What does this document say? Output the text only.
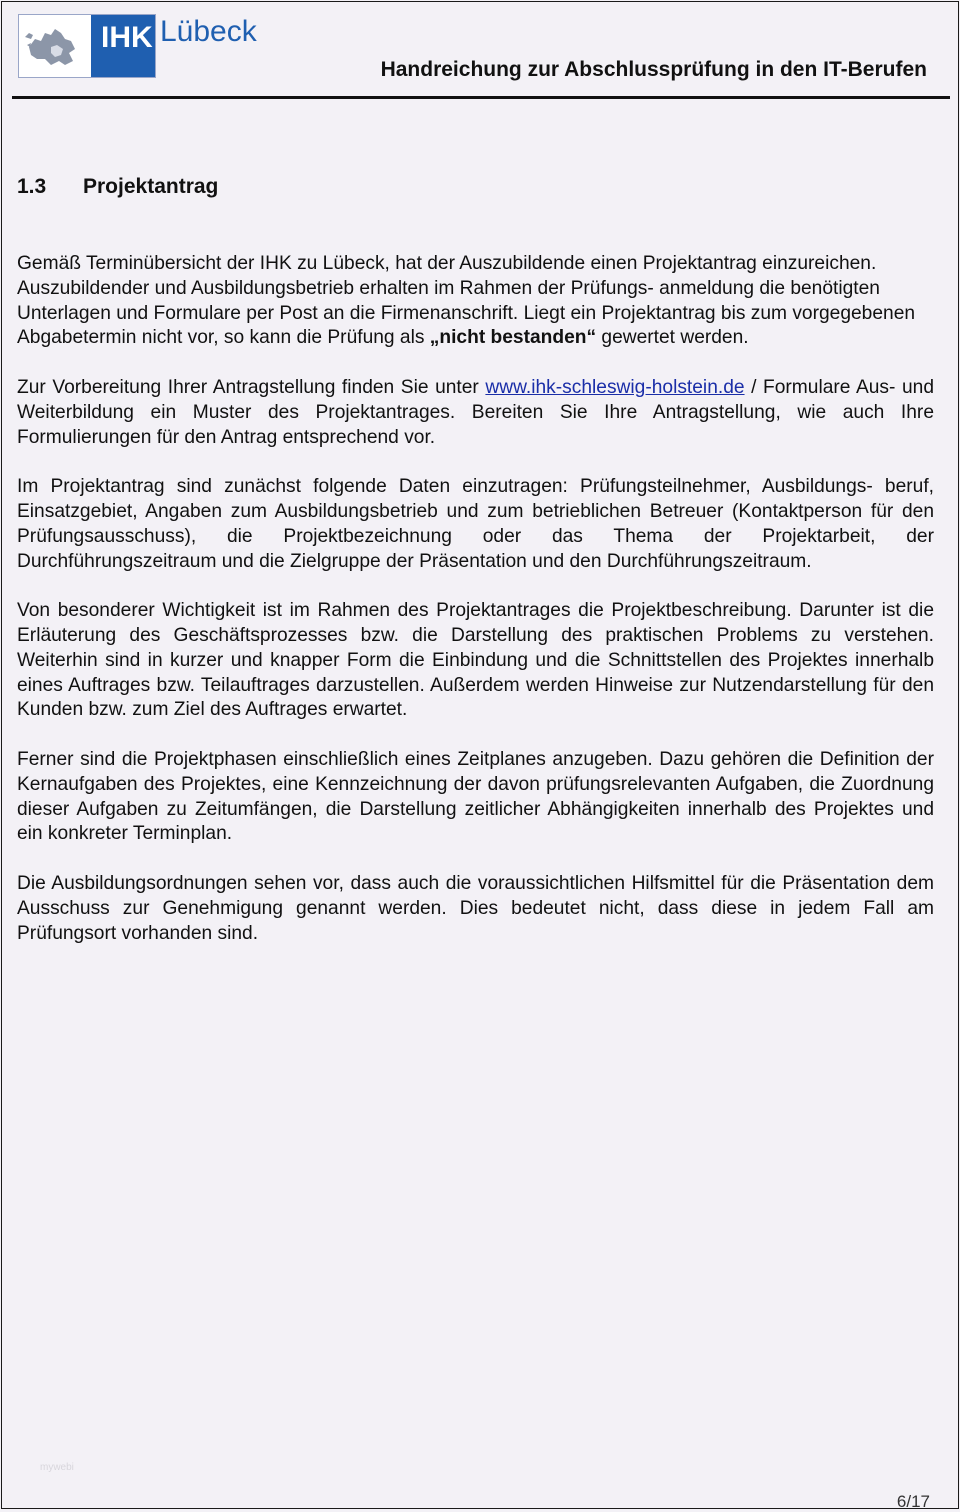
IHK Lübeck
Handreichung zur Abschlussprüfung in den IT-Berufen
1.3 Projektantrag

Gemäß Terminübersicht der IHK zu Lübeck, hat der Auszubildende einen Projektantrag einzureichen. Auszubildender und Ausbildungsbetrieb erhalten im Rahmen der Prüfungs- anmeldung die benötigten Unterlagen und Formulare per Post an die Firmenanschrift. Liegt ein Projektantrag bis zum vorgegebenen Abgabetermin nicht vor, so kann die Prüfung als „nicht bestanden“ gewertet werden.

Zur Vorbereitung Ihrer Antragstellung finden Sie unter www.ihk-schleswig-holstein.de / Formulare Aus- und Weiterbildung ein Muster des Projektantrages. Bereiten Sie Ihre Antragstellung, wie auch Ihre Formulierungen für den Antrag entsprechend vor.

Im Projektantrag sind zunächst folgende Daten einzutragen: Prüfungsteilnehmer, Ausbildungs- beruf, Einsatzgebiet, Angaben zum Ausbildungsbetrieb und zum betrieblichen Betreuer (Kontaktperson für den Prüfungsausschuss), die Projektbezeichnung oder das Thema der Projektarbeit, der Durchführungszeitraum und die Zielgruppe der Präsentation und den Durchführungszeitraum.

Von besonderer Wichtigkeit ist im Rahmen des Projektantrages die Projektbeschreibung. Darunter ist die Erläuterung des Geschäftsprozesses bzw. die Darstellung des praktischen Problems zu verstehen. Weiterhin sind in kurzer und knapper Form die Einbindung und die Schnittstellen des Projektes innerhalb eines Auftrages bzw. Teilauftrages darzustellen. Außerdem werden Hinweise zur Nutzendarstellung für den Kunden bzw. zum Ziel des Auftrages erwartet.

Ferner sind die Projektphasen einschließlich eines Zeitplanes anzugeben. Dazu gehören die Definition der Kernaufgaben des Projektes, eine Kennzeichnung der davon prüfungsrelevanten Aufgaben, die Zuordnung dieser Aufgaben zu Zeitumfängen, die Darstellung zeitlicher Abhängigkeiten innerhalb des Projektes und ein konkreter Terminplan.

Die Ausbildungsordnungen sehen vor, dass auch die voraussichtlichen Hilfsmittel für die Präsentation dem Ausschuss zur Genehmigung genannt werden. Dies bedeutet nicht, dass diese in jedem Fall am Prüfungsort vorhanden sind.

mywebi
6/17
